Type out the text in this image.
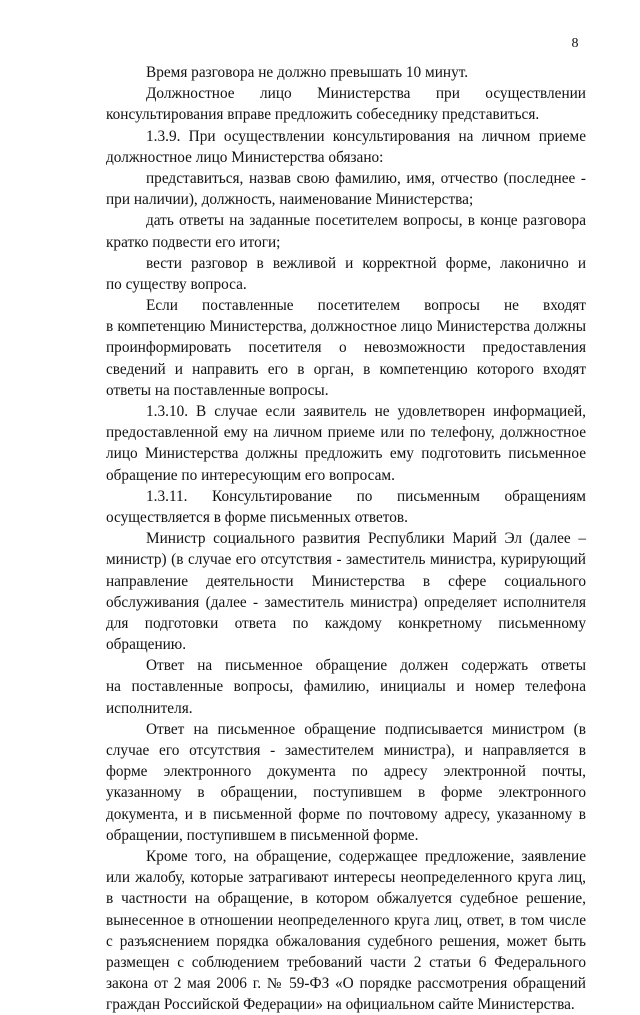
8
Время разговора не должно превышать 10 минут.
Должностное лицо Министерства при осуществлении
консультирования вправе предложить собеседнику представиться.
1.3.9. При осуществлении консультирования на личном приеме
должностное лицо Министерства обязано:
представиться, назвав свою фамилию, имя, отчество (последнее -
при наличии), должность, наименование Министерства;
дать ответы на заданные посетителем вопросы, в конце разговора
кратко подвести его итоги;
вести разговор в вежливой и корректной форме, лаконично и
по существу вопроса.
Если поставленные посетителем вопросы не входят
в компетенцию Министерства, должностное лицо Министерства должны
проинформировать посетителя о невозможности предоставления
сведений и направить его в орган, в компетенцию которого входят
ответы на поставленные вопросы.
1.3.10. В случае если заявитель не удовлетворен информацией,
предоставленной ему на личном приеме или по телефону, должностное
лицо Министерства должны предложить ему подготовить письменное
обращение по интересующим его вопросам.
1.3.11. Консультирование по письменным обращениям
осуществляется в форме письменных ответов.
Министр социального развития Республики Марий Эл (далее –
министр) (в случае его отсутствия - заместитель министра, курирующий
направление деятельности Министерства в сфере социального
обслуживания (далее - заместитель министра) определяет исполнителя
для подготовки ответа по каждому конкретному письменному
обращению.
Ответ на письменное обращение должен содержать ответы
на поставленные вопросы, фамилию, инициалы и номер телефона
исполнителя.
Ответ на письменное обращение подписывается министром (в
случае его отсутствия - заместителем министра), и направляется в
форме электронного документа по адресу электронной почты,
указанному в обращении, поступившем в форме электронного
документа, и в письменной форме по почтовому адресу, указанному в
обращении, поступившем в письменной форме.
Кроме того, на обращение, содержащее предложение, заявление
или жалобу, которые затрагивают интересы неопределенного круга лиц,
в частности на обращение, в котором обжалуется судебное решение,
вынесенное в отношении неопределенного круга лиц, ответ, в том числе
с разъяснением порядка обжалования судебного решения, может быть
размещен с соблюдением требований части 2 статьи 6 Федерального
закона от 2 мая 2006 г. № 59-ФЗ «О порядке рассмотрения обращений
граждан Российской Федерации» на официальном сайте Министерства.
